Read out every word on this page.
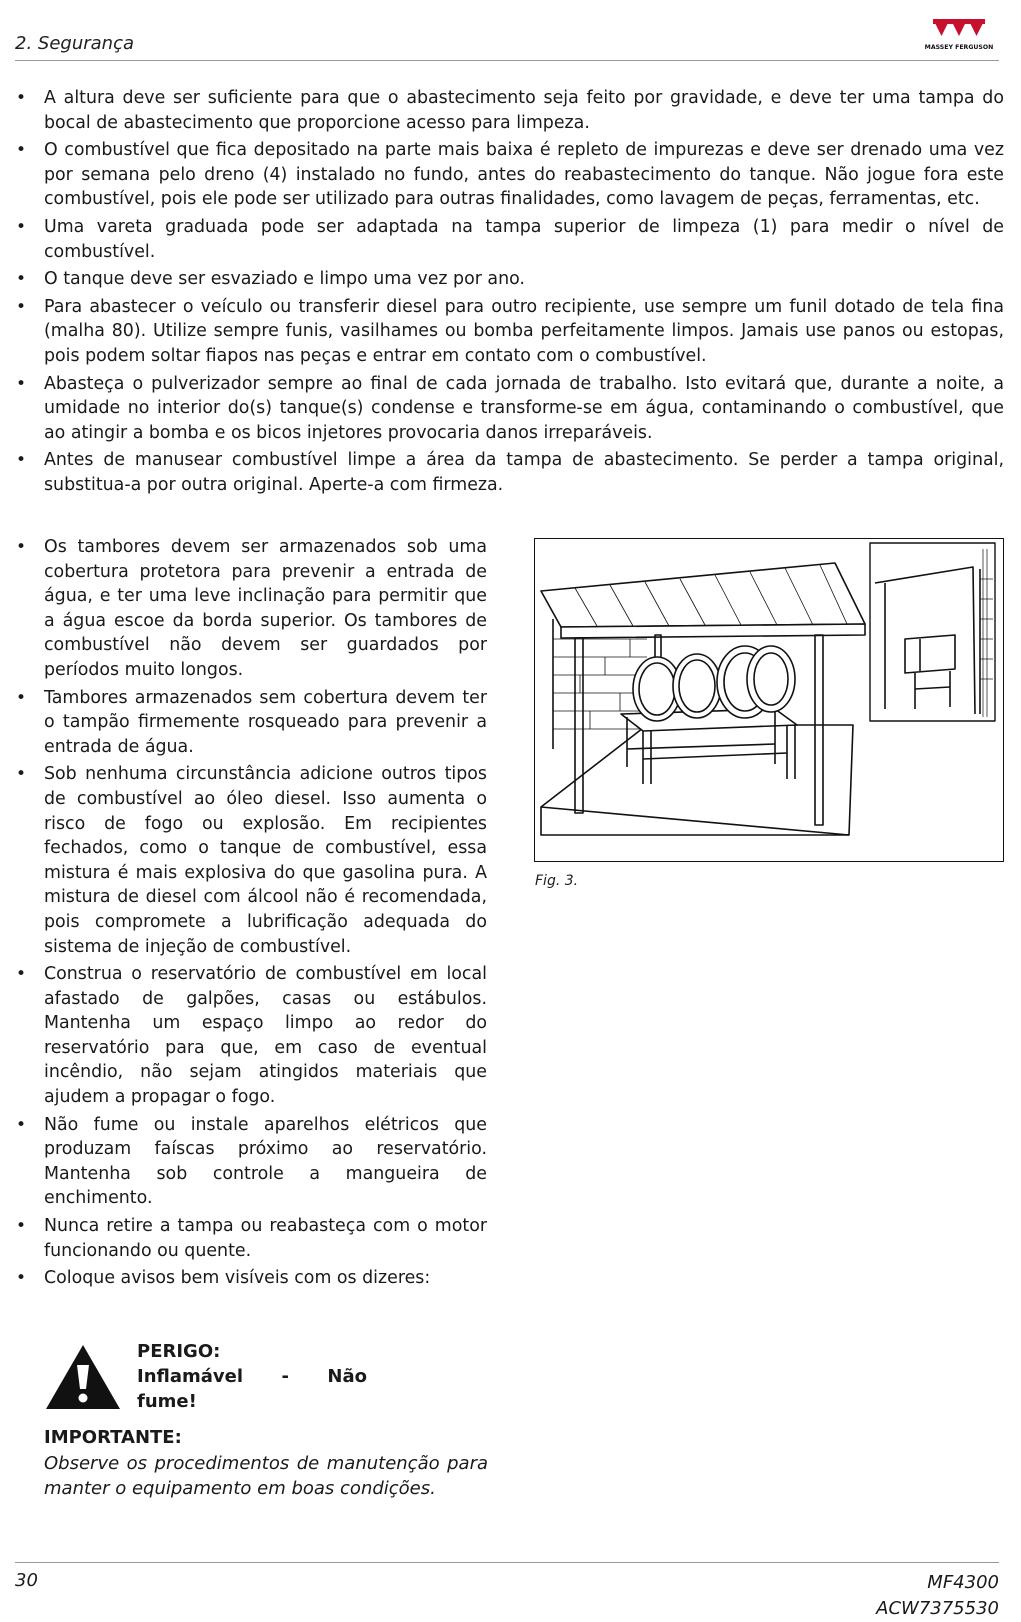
2. Segurança	MASSEY FERGUSON
• A altura deve ser suficiente para que o abastecimento seja feito por gravidade, e deve ter uma tampa do bocal de abastecimento que proporcione acesso para limpeza.
• O combustível que fica depositado na parte mais baixa é repleto de impurezas e deve ser drenado uma vez por semana pelo dreno (4) instalado no fundo, antes do reabastecimento do tanque. Não jogue fora este combustível, pois ele pode ser utilizado para outras finalidades, como lavagem de peças, ferramentas, etc.
• Uma vareta graduada pode ser adaptada na tampa superior de limpeza (1) para medir o nível de combustível.
• O tanque deve ser esvaziado e limpo uma vez por ano.
• Para abastecer o veículo ou transferir diesel para outro recipiente, use sempre um funil dotado de tela fina (malha 80). Utilize sempre funis, vasilhames ou bomba perfeitamente limpos. Jamais use panos ou estopas, pois podem soltar fiapos nas peças e entrar em contato com o combustível.
• Abasteça o pulverizador sempre ao final de cada jornada de trabalho. Isto evitará que, durante a noite, a umidade no interior do(s) tanque(s) condense e transforme-se em água, contaminando o combustível, que ao atingir a bomba e os bicos injetores provocaria danos irreparáveis.
• Antes de manusear combustível limpe a área da tampa de abastecimento. Se perder a tampa original, substitua-a por outra original. Aperte-a com firmeza.
• Os tambores devem ser armazenados sob uma cobertura protetora para prevenir a entrada de água, e ter uma leve inclinação para permitir que a água escoe da borda superior. Os tambores de combustível não devem ser guardados por períodos muito longos.
• Tambores armazenados sem cobertura devem ter o tampão firmemente rosqueado para prevenir a entrada de água.
• Sob nenhuma circunstância adicione outros tipos de combustível ao óleo diesel. Isso aumenta o risco de fogo ou explosão. Em recipientes fechados, como o tanque de combustível, essa mistura é mais explosiva do que gasolina pura. A mistura de diesel com álcool não é recomendada, pois compromete a lubrificação adequada do sistema de injeção de combustível.
• Construa o reservatório de combustível em local afastado de galpões, casas ou estábulos. Mantenha um espaço limpo ao redor do reservatório para que, em caso de eventual incêndio, não sejam atingidos materiais que ajudem a propagar o fogo.
• Não fume ou instale aparelhos elétricos que produzam faíscas próximo ao reservatório. Mantenha sob controle a mangueira de enchimento.
• Nunca retire a tampa ou reabasteça com o motor funcionando ou quente.
• Coloque avisos bem visíveis com os dizeres:
Fig. 3.
PERIGO:
Inflamável - Não
fume!
IMPORTANTE:
Observe os procedimentos de manutenção para manter o equipamento em boas condições.
30	MF4300
ACW7375530
